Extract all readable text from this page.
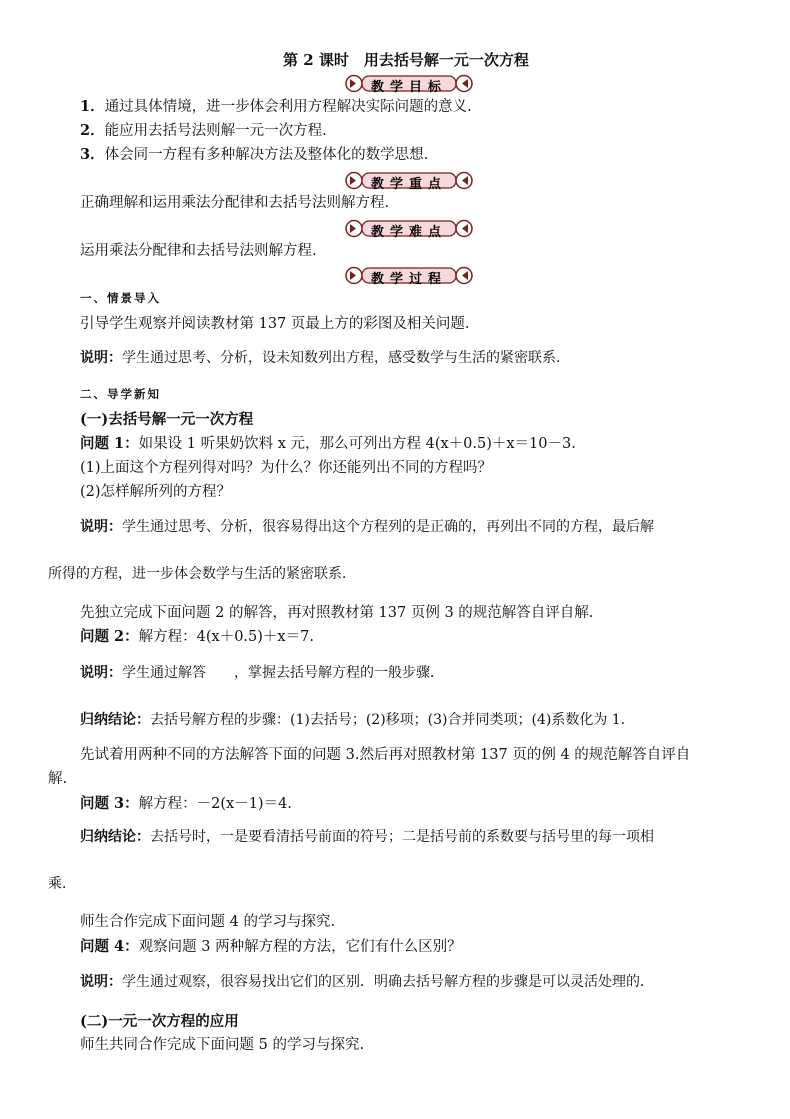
第 2 课时　用去括号解一元一次方程
教学目标
1．通过具体情境，进一步体会利用方程解决实际问题的意义.
2．能应用去括号法则解一元一次方程.
3．体会同一方程有多种解决方法及整体化的数学思想.
教学重点
正确理解和运用乘法分配律和去括号法则解方程.
教学难点
运用乘法分配律和去括号法则解方程.
教学过程
一、情景导入
引导学生观察并阅读教材第 137 页最上方的彩图及相关问题.
说明：学生通过思考、分析，设未知数列出方程，感受数学与生活的紧密联系．
二、导学新知
(一)去括号解一元一次方程
问题 1：如果设 1 听果奶饮料 x 元，那么可列出方程 4(x＋0.5)＋x＝10－3.
(1)上面这个方程列得对吗？为什么？你还能列出不同的方程吗？
(2)怎样解所列的方程？
说明：学生通过思考、分析，很容易得出这个方程列的是正确的，再列出不同的方程，最后解
所得的方程，进一步体会数学与生活的紧密联系．
先独立完成下面问题 2 的解答，再对照教材第 137 页例 3 的规范解答自评自解.
问题 2：解方程：4(x＋0.5)＋x＝7.
说明：学生通过解答　　，掌握去括号解方程的一般步骤．
归纳结论：去括号解方程的步骤：(1)去括号；(2)移项；(3)合并同类项；(4)系数化为 1.
先试着用两种不同的方法解答下面的问题 3.然后再对照教材第 137 页的例 4 的规范解答自评自
解.
问题 3：解方程：－2(x－1)＝4.
归纳结论：去括号时，一是要看清括号前面的符号；二是括号前的系数要与括号里的每一项相
乘．
师生合作完成下面问题 4 的学习与探究.
问题 4：观察问题 3 两种解方程的方法，它们有什么区别？
说明：学生通过观察，很容易找出它们的区别．明确去括号解方程的步骤是可以灵活处理的．
(二)一元一次方程的应用
师生共同合作完成下面问题 5 的学习与探究.
